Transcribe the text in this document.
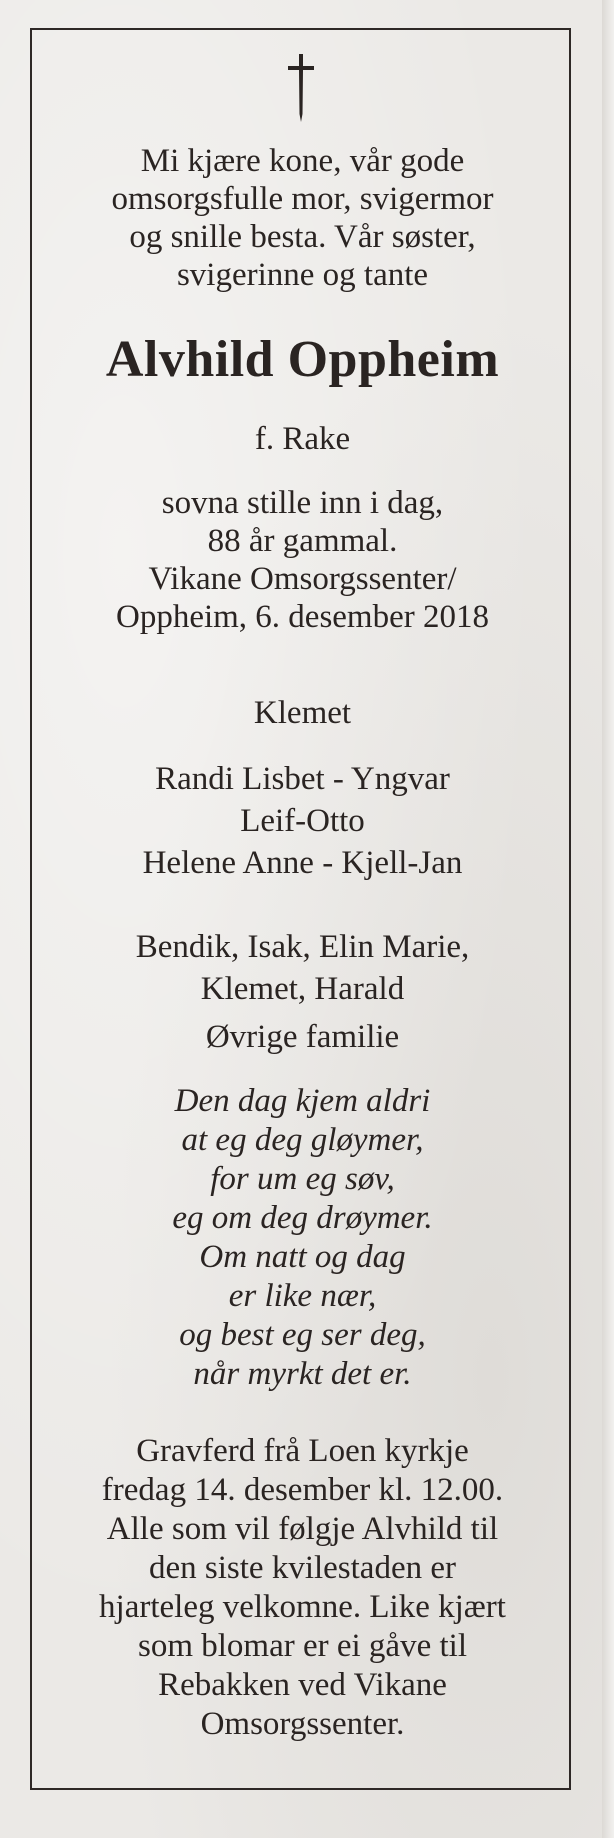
Mi kjære kone, vår gode
omsorgsfulle mor, svigermor
og snille besta. Vår søster,
svigerinne og tante
Alvhild Oppheim
f. Rake
sovna stille inn i dag,
88 år gammal.
Vikane Omsorgssenter/
Oppheim, 6. desember 2018
Klemet
Randi Lisbet - Yngvar
Leif-Otto
Helene Anne - Kjell-Jan
Bendik, Isak, Elin Marie,
Klemet, Harald
Øvrige familie
Den dag kjem aldri
at eg deg gløymer,
for um eg søv,
eg om deg drøymer.
Om natt og dag
er like nær,
og best eg ser deg,
når myrkt det er.
Gravferd frå Loen kyrkje
fredag 14. desember kl. 12.00.
Alle som vil følgje Alvhild til
den siste kvilestaden er
hjarteleg velkomne. Like kjært
som blomar er ei gåve til
Rebakken ved Vikane
Omsorgssenter.
